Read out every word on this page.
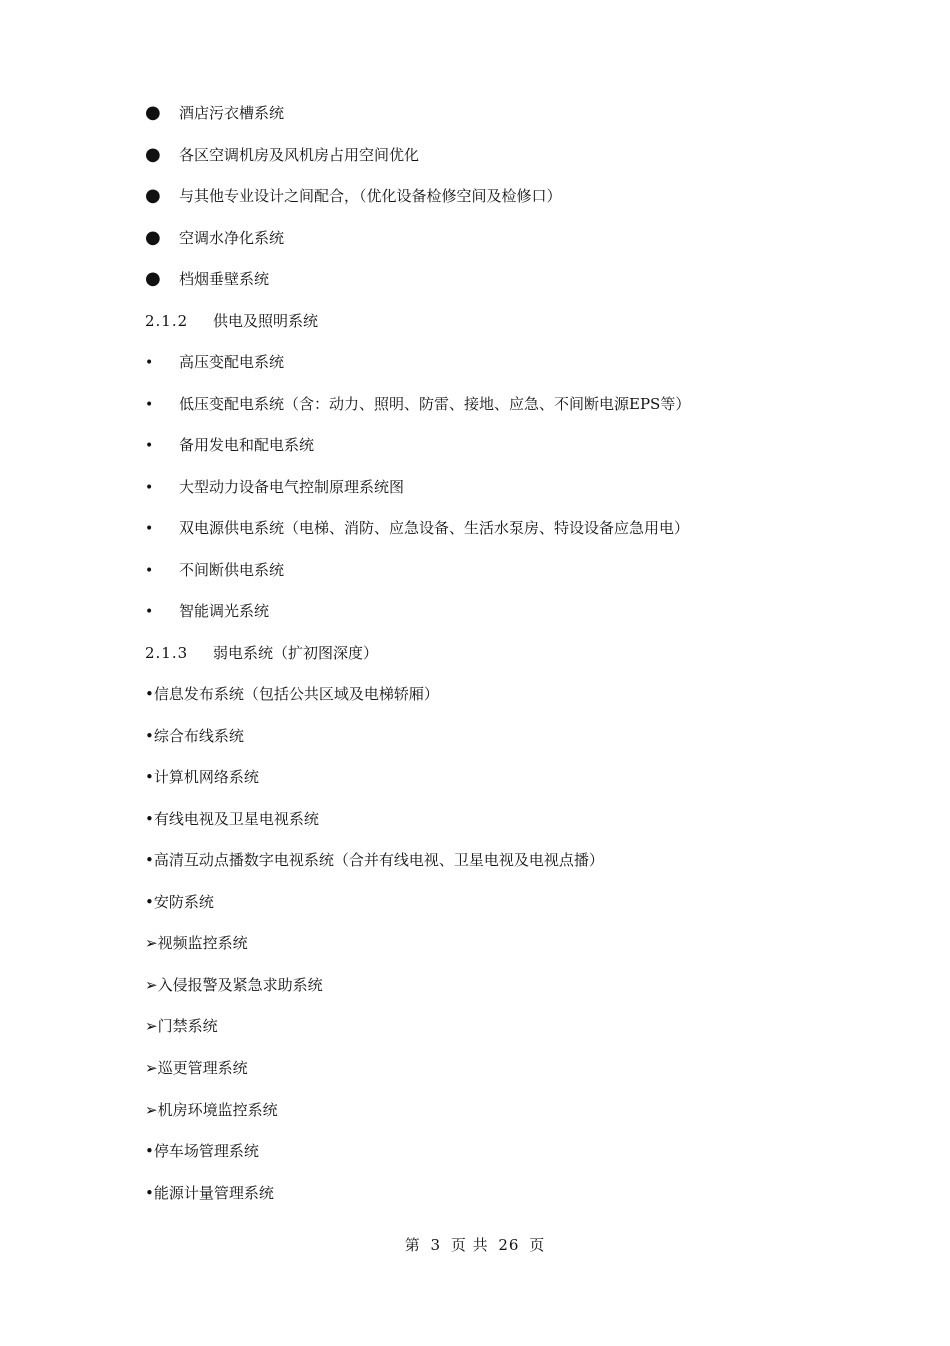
● 酒店污衣槽系统
● 各区空调机房及风机房占用空间优化
● 与其他专业设计之间配合，（优化设备检修空间及检修口）
● 空调水净化系统
● 档烟垂壁系统
2.1.2 供电及照明系统
• 高压变配电系统
• 低压变配电系统（含：动力、照明、防雷、接地、应急、不间断电源EPS等）
• 备用发电和配电系统
• 大型动力设备电气控制原理系统图
• 双电源供电系统（电梯、消防、应急设备、生活水泵房、特设设备应急用电）
• 不间断供电系统
• 智能调光系统
2.1.3 弱电系统（扩初图深度）
•信息发布系统（包括公共区域及电梯轿厢）
•综合布线系统
•计算机网络系统
•有线电视及卫星电视系统
•高清互动点播数字电视系统（合并有线电视、卫星电视及电视点播）
•安防系统
➢视频监控系统
➢入侵报警及紧急求助系统
➢门禁系统
➢巡更管理系统
➢机房环境监控系统
•停车场管理系统
•能源计量管理系统
第 3 页 共 26 页
